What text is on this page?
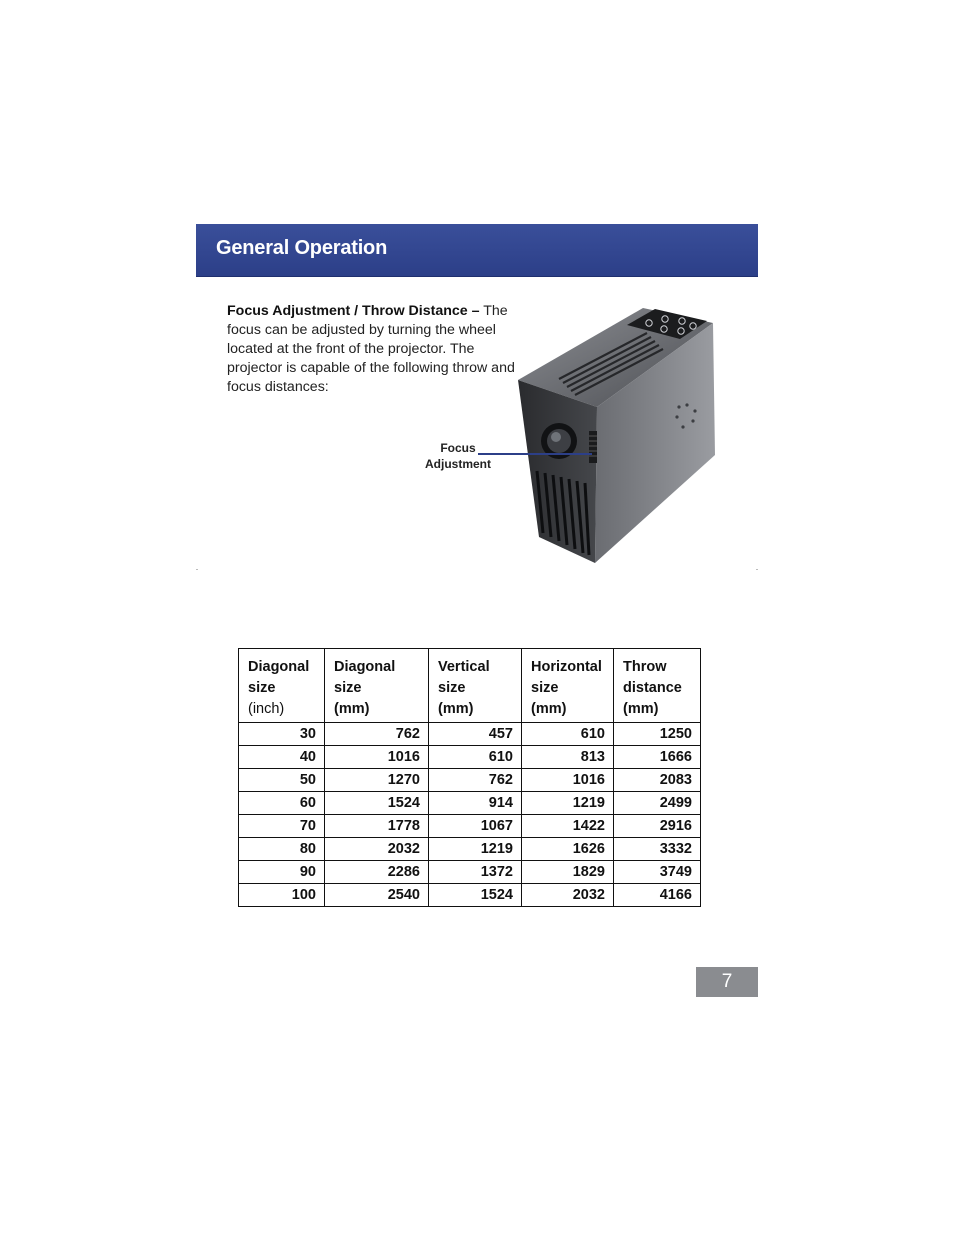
General Operation
Focus Adjustment / Throw Distance – The focus can be adjusted by turning the wheel located at the front of the projector. The projector is capable of the following throw and focus distances:
Focus
Adjustment
Diagonal
size
(inch)	Diagonal
size
(mm)	Vertical
size
(mm)	Horizontal
size
(mm)	Throw
distance
(mm)

30	762	457	610	1250
40	1016	610	813	1666
50	1270	762	1016	2083
60	1524	914	1219	2499
70	1778	1067	1422	2916
80	2032	1219	1626	3332
90	2286	1372	1829	3749
100	2540	1524	2032	4166
7
